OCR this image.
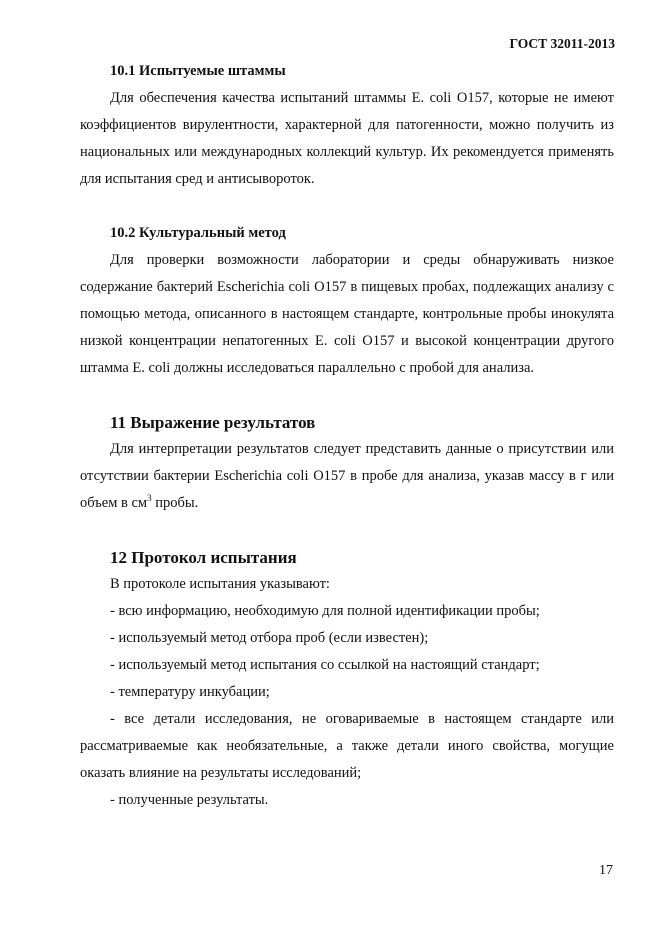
ГОСТ 32011-2013

10.1 Испытуемые штаммы

Для обеспечения качества испытаний штаммы E. coli O157, которые не имеют коэффициентов вирулентности, характерной для патогенности, можно получить из национальных или международных коллекций культур. Их рекомендуется применять для испытания сред и антисывороток.

10.2 Культуральный метод

Для проверки возможности лаборатории и среды обнаруживать низкое содержание бактерий Escherichia coli O157 в пищевых пробах, подлежащих анализу с помощью метода, описанного в настоящем стандарте, контрольные пробы инокулята низкой концентрации непатогенных E. coli O157 и высокой концентрации другого штамма E. coli должны исследоваться параллельно с пробой для анализа.

11 Выражение результатов

Для интерпретации результатов следует представить данные о присутствии или отсутствии бактерии Escherichia coli O157 в пробе для анализа, указав массу в г или объем в $см^3$ пробы.

12 Протокол испытания

В протоколе испытания указывают:

- всю информацию, необходимую для полной идентификации пробы;

- используемый метод отбора проб (если известен);

- используемый метод испытания со ссылкой на настоящий стандарт;

- температуру инкубации;

- все детали исследования, не оговариваемые в настоящем стандарте или рассматриваемые как необязательные, а также детали иного свойства, могущие оказать влияние на результаты исследований;

- полученные результаты.

17
